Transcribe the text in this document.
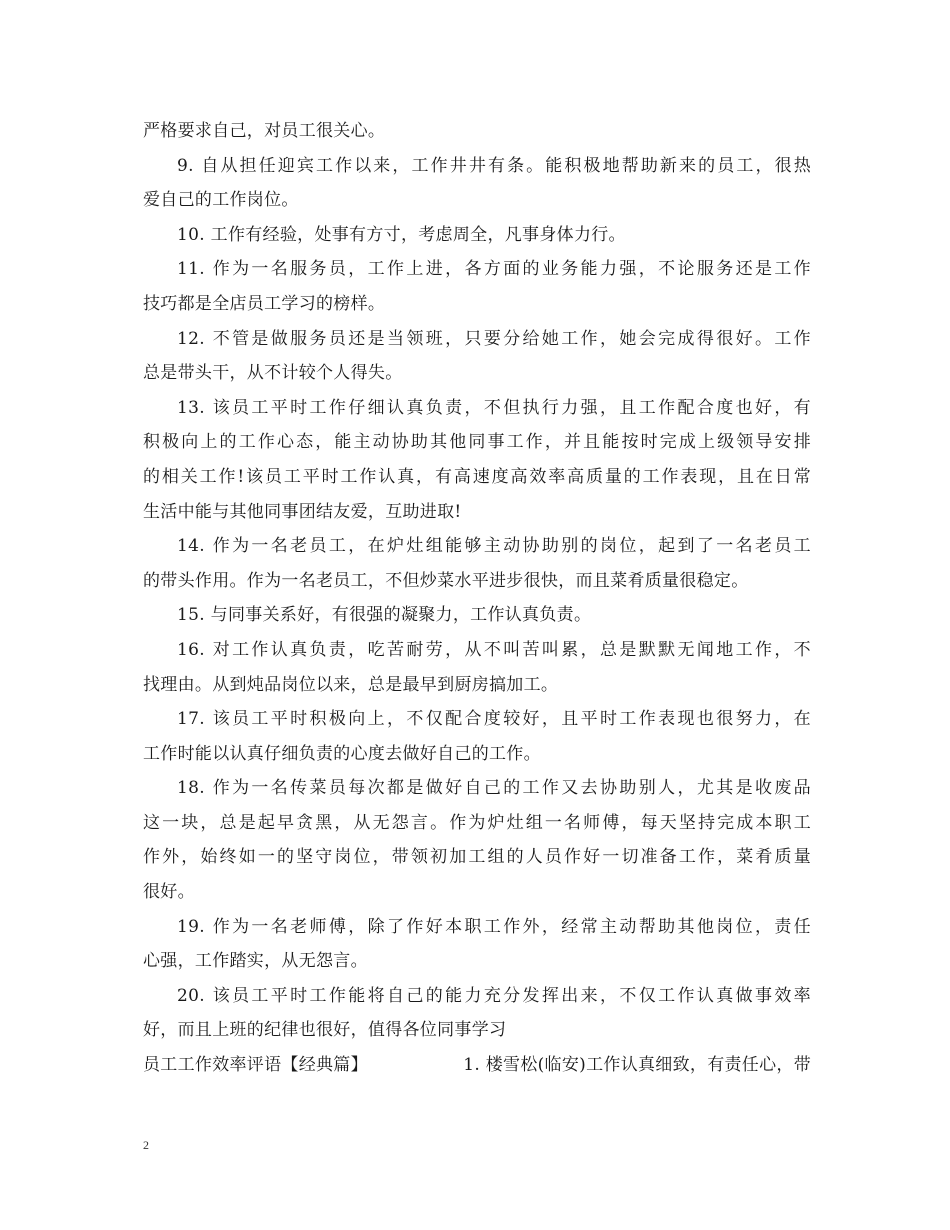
严格要求自己，对员工很关心。
9. 自从担任迎宾工作以来，工作井井有条。能积极地帮助新来的员工，很热
爱自己的工作岗位。
10. 工作有经验，处事有方寸，考虑周全，凡事身体力行。
11. 作为一名服务员，工作上进，各方面的业务能力强，不论服务还是工作
技巧都是全店员工学习的榜样。
12. 不管是做服务员还是当领班，只要分给她工作，她会完成得很好。工作
总是带头干，从不计较个人得失。
13. 该员工平时工作仔细认真负责，不但执行力强，且工作配合度也好，有
积极向上的工作心态，能主动协助其他同事工作，并且能按时完成上级领导安排
的相关工作!该员工平时工作认真，有高速度高效率高质量的工作表现，且在日常
生活中能与其他同事团结友爱，互助进取!
14. 作为一名老员工，在炉灶组能够主动协助别的岗位，起到了一名老员工
的带头作用。作为一名老员工，不但炒菜水平进步很快，而且菜肴质量很稳定。
15. 与同事关系好，有很强的凝聚力，工作认真负责。
16. 对工作认真负责，吃苦耐劳，从不叫苦叫累，总是默默无闻地工作，不
找理由。从到炖品岗位以来，总是最早到厨房搞加工。
17. 该员工平时积极向上，不仅配合度较好，且平时工作表现也很努力，在
工作时能以认真仔细负责的心度去做好自己的工作。
18. 作为一名传菜员每次都是做好自己的工作又去协助别人，尤其是收废品
这一块，总是起早贪黑，从无怨言。作为炉灶组一名师傅，每天坚持完成本职工
作外，始终如一的坚守岗位，带领初加工组的人员作好一切准备工作，菜肴质量
很好。
19. 作为一名老师傅，除了作好本职工作外，经常主动帮助其他岗位，责任
心强，工作踏实，从无怨言。
20. 该员工平时工作能将自己的能力充分发挥出来，不仅工作认真做事效率
好，而且上班的纪律也很好，值得各位同事学习
员工工作效率评语【经典篇】	1. 楼雪松(临安)工作认真细致，有责任心，带
2
